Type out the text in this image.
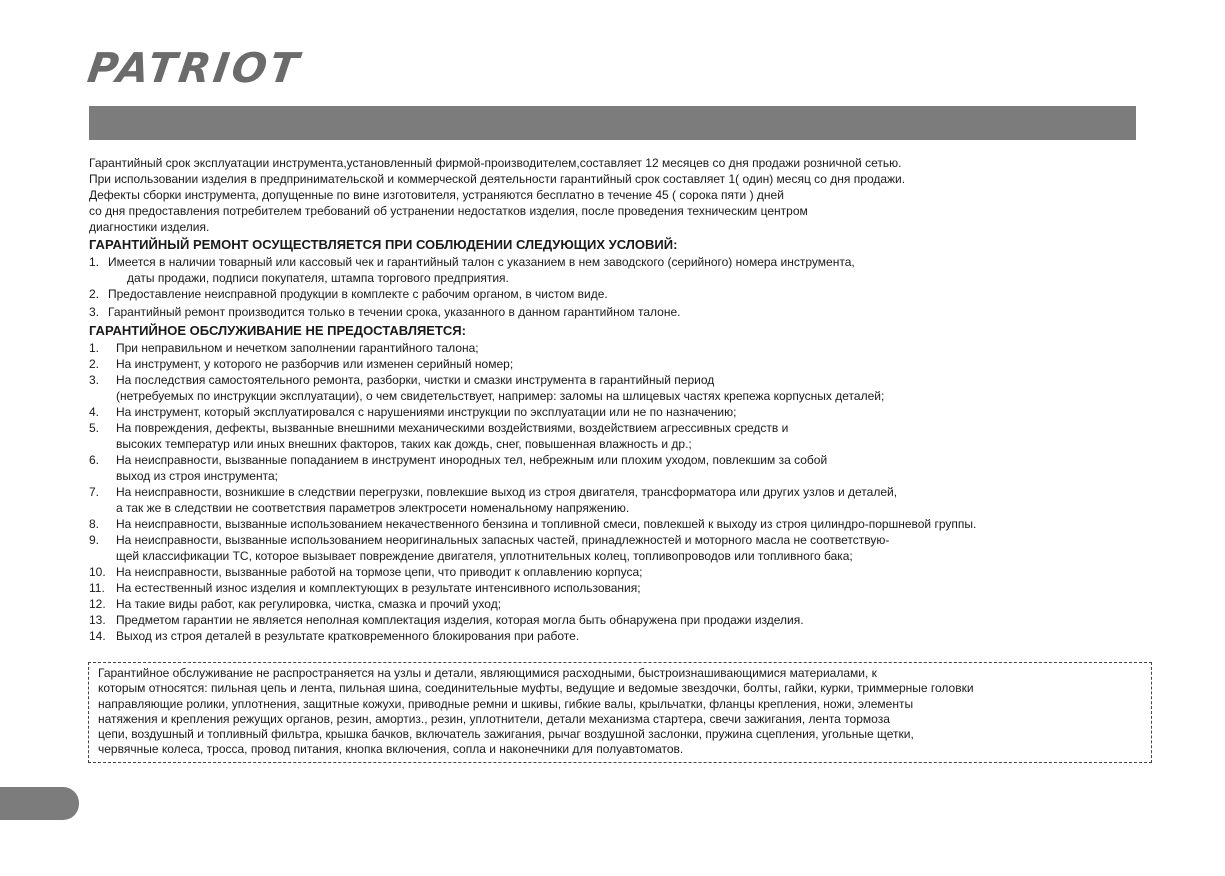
PATRIOT

Гарантийный срок эксплуатации инструмента,установленный фирмой-производителем,составляет 12 месяцев со дня продажи розничной сетью.

При использовании изделия в предпринимательской и коммерческой деятельности гарантийный срок составляет 1( один) месяц со дня продажи.

Дефекты сборки инструмента, допущенные по вине изготовителя, устраняются бесплатно в течение 45 ( сорока пяти ) дней

со дня предоставления потребителем требований об устранении недостатков изделия, после проведения техническим центром

диагностики изделия.

ГАРАНТИЙНЫЙ РЕМОНТ ОСУЩЕСТВЛЯЕТСЯ ПРИ СОБЛЮДЕНИИ СЛЕДУЮЩИХ УСЛОВИЙ:
1. Имеется в наличии товарный или кассовый чек и гарантийный талон с указанием в нем заводского (серийного) номера инструмента,
даты продажи, подписи покупателя, штампа торгового предприятия.
2. Предоставление неисправной продукции в комплекте с рабочим органом, в чистом виде.
3. Гарантийный ремонт производится только в течении срока, указанного в данном гарантийном талоне.
ГАРАНТИЙНОЕ ОБСЛУЖИВАНИЕ НЕ ПРЕДОСТАВЛЯЕТСЯ:
1.	При неправильном и нечетком заполнении гарантийного талона;
2.	На инструмент, у которого не разборчив или изменен серийный номер;
3.	На последствия самостоятельного ремонта, разборки, чистки и смазки инструмента в гарантийный период
(нетребуемых по инструкции эксплуатации), о чем свидетельствует, например: заломы на шлицевых частях крепежа корпусных деталей;
4.	На инструмент, который эксплуатировался с нарушениями инструкции по эксплуатации или не по назначению;
5.	На повреждения, дефекты, вызванные внешними механическими воздействиями, воздействием агрессивных средств и
высоких температур или иных внешних факторов, таких как дождь, снег, повышенная влажность и др.;
6.	На неисправности, вызванные попаданием в инструмент инородных тел, небрежным или плохим уходом, повлекшим за собой
выход из строя инструмента;
7.	На неисправности, возникшие в следствии перегрузки, повлекшие выход из строя двигателя, трансформатора или других узлов и деталей,
а так же в следствии не соответствия параметров электросети номенальному напряжению.
8.	На неисправности, вызванные использованием некачественного бензина и топливной смеси, повлекшей к выходу из строя цилиндро-поршневой группы.
9.	На неисправности, вызванные использованием неоригинальных запасных частей, принадлежностей и моторного масла не соответствую-
щей классификации ТС, которое вызывает повреждение двигателя, уплотнительных колец, топливопроводов или топливного бака;
10. На неисправности, вызванные работой на тормозе цепи, что приводит к оплавлению корпуса;
11. На естественный износ изделия и комплектующих в результате интенсивного использования;
12. На такие виды работ, как регулировка, чистка, смазка и прочий уход;
13. Предметом гарантии не является неполная комплектация изделия, которая могла быть обнаружена при продажи изделия.
14. Выход из строя деталей в результате кратковременного блокирования при работе.

Гарантийное обслуживание не распространяется на узлы и детали, являющимися расходными, быстроизнашивающимися материалами, к

которым относятся: пильная цепь и лента, пильная шина, соединительные муфты, ведущие и ведомые звездочки, болты, гайки, курки, триммерные головки

направляющие ролики, уплотнения, защитные кожухи, приводные ремни и шкивы, гибкие валы, крыльчатки, фланцы крепления, ножи, элементы

натяжения и крепления режущих органов, резин, амортиз., резин, уплотнители, детали механизма стартера, свечи зажигания, лента тормоза

цепи, воздушный и топливный фильтра, крышка бачков, включатель зажигания, рычаг воздушной заслонки, пружина сцепления, угольные щетки,

червячные колеса, тросса, провод питания, кнопка включения, сопла и наконечники для полуавтоматов.
